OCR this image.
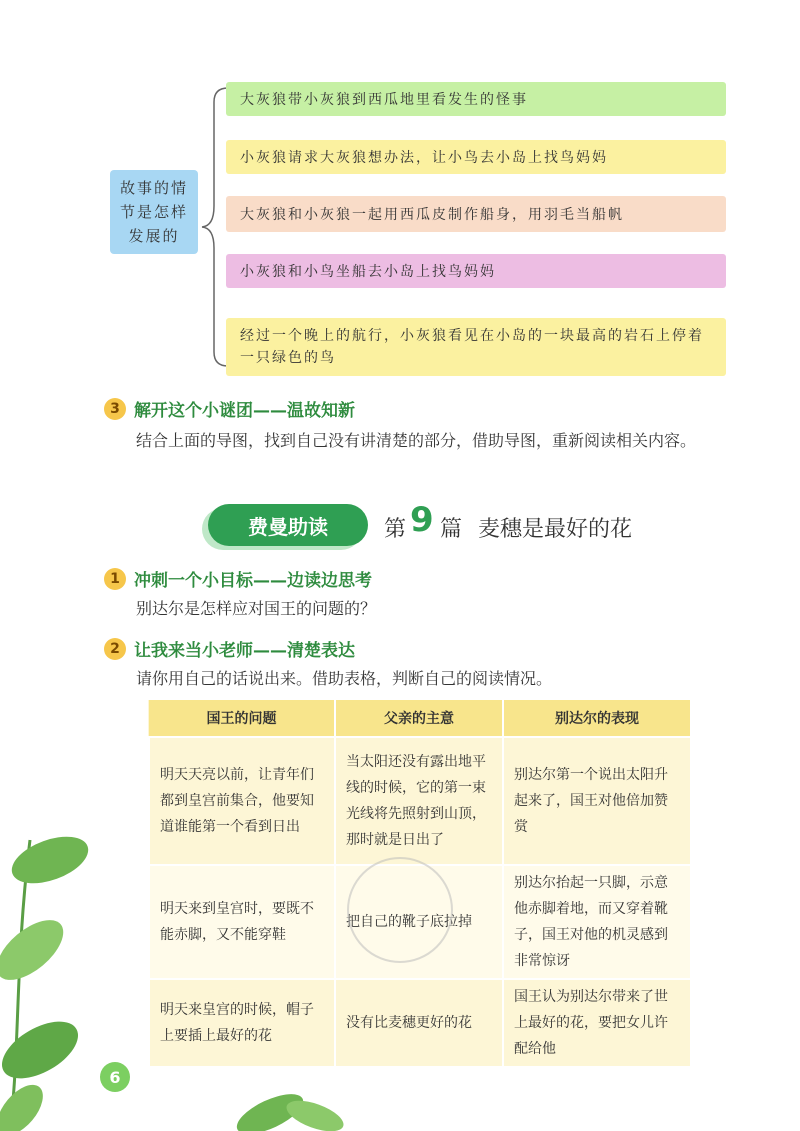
故事的情节是怎样发展的
大灰狼带小灰狼到西瓜地里看发生的怪事
小灰狼请求大灰狼想办法，让小鸟去小岛上找鸟妈妈
大灰狼和小灰狼一起用西瓜皮制作船身，用羽毛当船帆
小灰狼和小鸟坐船去小岛上找鸟妈妈
经过一个晚上的航行，小灰狼看见在小岛的一块最高的岩石上停着一只绿色的鸟
3 解开这个小谜团——温故知新
结合上面的导图，找到自己没有讲清楚的部分，借助导图，重新阅读相关内容。
费曼助读	第 9 篇 麦穗是最好的花
1 冲刺一个小目标——边读边思考
别达尔是怎样应对国王的问题的？
2 让我来当小老师——清楚表达
请你用自己的话说出来。借助表格，判断自己的阅读情况。
国王的问题	父亲的主意	别达尔的表现
明天天亮以前，让青年们都到皇宫前集合，他要知道谁能第一个看到日出	当太阳还没有露出地平线的时候，它的第一束光线将先照射到山顶，那时就是日出了	别达尔第一个说出太阳升起来了，国王对他倍加赞赏
明天来到皇宫时，要既不能赤脚，又不能穿鞋	把自己的靴子底拉掉	别达尔抬起一只脚，示意他赤脚着地，而又穿着靴子，国王对他的机灵感到非常惊讶
明天来皇宫的时候，帽子上要插上最好的花	没有比麦穗更好的花	国王认为别达尔带来了世上最好的花，要把女儿许配给他
6
